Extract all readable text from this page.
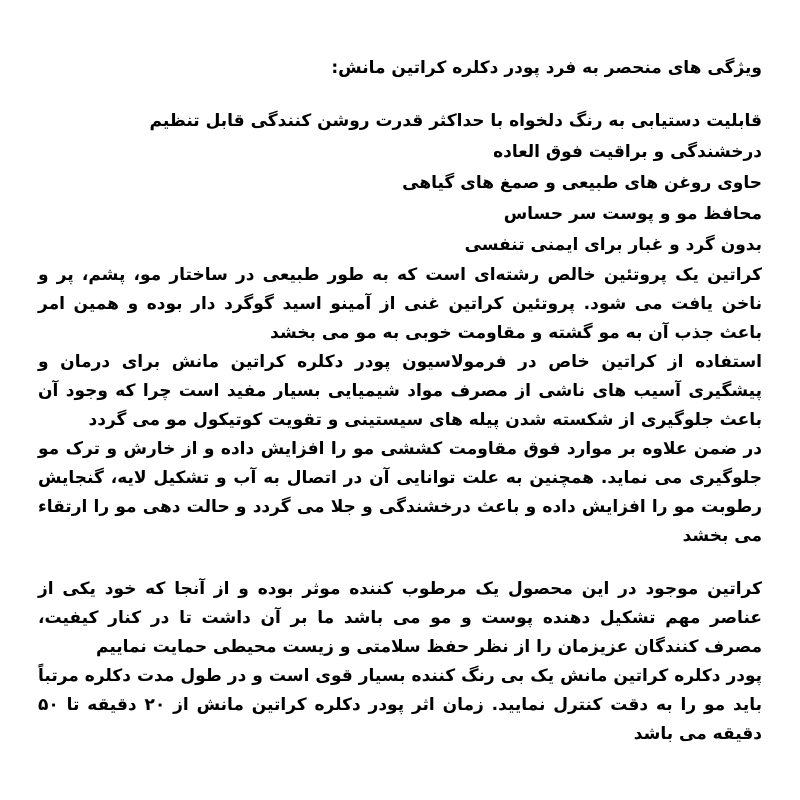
ویژگی های منحصر به فرد پودر دکلره کراتین مانش:
قابلیت دستیابی به رنگ دلخواه با حداکثر قدرت روشن کنندگی قابل تنظیم
درخشندگی و براقیت فوق العاده
حاوی روغن های طبیعی و صمغ های گیاهی
محافظ مو و پوست سر حساس
بدون گرد و غبار برای ایمنی تنفسی

کراتین یک پروتئین خالص رشته‌ای است که به طور طبیعی در ساختار مو، پشم، پر و ناخن یافت می شود. پروتئین کراتین غنی از آمینو اسید گوگرد دار بوده و همین امر باعث جذب آن به مو گشته و مقاومت خوبی به مو می بخشد

استفاده از کراتین خاص در فرمولاسیون پودر دکلره کراتین مانش برای درمان و پیشگیری آسیب های ناشی از مصرف مواد شیمیایی بسیار مفید است چرا که وجود آن باعث جلوگیری از شکسته شدن پیله های سیستینی و تقویت کوتیکول مو می گردد

در ضمن علاوه بر موارد فوق مقاومت کششی مو را افزایش داده و از خارش و ترک مو جلوگیری می نماید. همچنین به علت توانایی آن در اتصال به آب و تشکیل لایه، گنجایش رطوبت مو را افزایش داده و باعث درخشندگی و جلا می گردد و حالت دهی مو را ارتقاء می بخشد

کراتین موجود در این محصول یک مرطوب کننده موثر بوده و از آنجا که خود یکی از عناصر مهم تشکیل دهنده پوست و مو می باشد ما بر آن داشت تا در کنار کیفیت، مصرف کنندگان عزیزمان را از نظر حفظ سلامتی و زیست محیطی حمایت نماییم

پودر دکلره کراتین مانش یک بی رنگ کننده بسیار قوی است و در طول مدت دکلره مرتباً باید مو را به دقت کنترل نمایید. زمان اثر پودر دکلره کراتین مانش از ۲۰ دقیقه تا ۵۰ دقیقه می باشد
